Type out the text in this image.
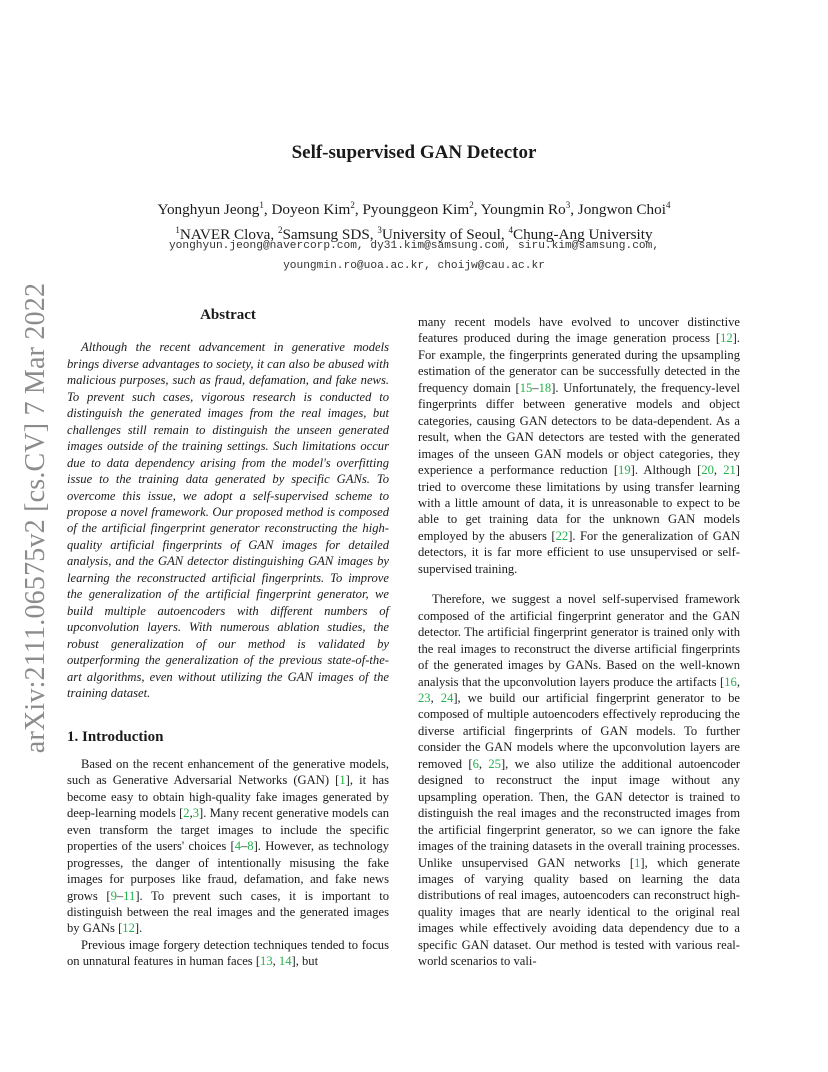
arXiv:2111.06575v2 [cs.CV] 7 Mar 2022
Self-supervised GAN Detector
Yonghyun Jeong$^1$, Doyeon Kim$^2$, Pyounggeon Kim$^2$, Youngmin Ro$^3$, Jongwon Choi$^4$
$^1$NAVER Clova, $^2$Samsung SDS, $^3$University of Seoul, $^4$Chung-Ang University
yonghyun.jeong@navercorp.com, dy31.kim@samsung.com, siru.kim@samsung.com,
youngmin.ro@uoa.ac.kr, choijw@cau.ac.kr
Abstract

Although the recent advancement in generative models brings diverse advantages to society, it can also be abused with malicious purposes, such as fraud, defamation, and fake news. To prevent such cases, vigorous research is conducted to distinguish the generated images from the real images, but challenges still remain to distinguish the unseen generated images outside of the training settings. Such limitations occur due to data dependency arising from the model's overfitting issue to the training data generated by specific GANs. To overcome this issue, we adopt a self-supervised scheme to propose a novel framework. Our proposed method is composed of the artificial fingerprint generator reconstructing the high-quality artificial fingerprints of GAN images for detailed analysis, and the GAN detector distinguishing GAN images by learning the reconstructed artificial fingerprints. To improve the generalization of the artificial fingerprint generator, we build multiple autoencoders with different numbers of upconvolution layers. With numerous ablation studies, the robust generalization of our method is validated by outperforming the generalization of the previous state-of-the-art algorithms, even without utilizing the GAN images of the training dataset.

1. Introduction

Based on the recent enhancement of the generative models, such as Generative Adversarial Networks (GAN) [1], it has become easy to obtain high-quality fake images generated by deep-learning models [2,3]. Many recent generative models can even transform the target images to include the specific properties of the users' choices [4–8]. However, as technology progresses, the danger of intentionally misusing the fake images for purposes like fraud, defamation, and fake news grows [9–11]. To prevent such cases, it is important to distinguish between the real images and the generated images by GANs [12].

Previous image forgery detection techniques tended to focus on unnatural features in human faces [13, 14], but

many recent models have evolved to uncover distinctive features produced during the image generation process [12]. For example, the fingerprints generated during the upsampling estimation of the generator can be successfully detected in the frequency domain [15–18]. Unfortunately, the frequency-level fingerprints differ between generative models and object categories, causing GAN detectors to be data-dependent. As a result, when the GAN detectors are tested with the generated images of the unseen GAN models or object categories, they experience a performance reduction [19]. Although [20, 21] tried to overcome these limitations by using transfer learning with a little amount of data, it is unreasonable to expect to be able to get training data for the unknown GAN models employed by the abusers [22]. For the generalization of GAN detectors, it is far more efficient to use unsupervised or self-supervised training.

Therefore, we suggest a novel self-supervised framework composed of the artificial fingerprint generator and the GAN detector. The artificial fingerprint generator is trained only with the real images to reconstruct the diverse artificial fingerprints of the generated images by GANs. Based on the well-known analysis that the upconvolution layers produce the artifacts [16, 23, 24], we build our artificial fingerprint generator to be composed of multiple autoencoders effectively reproducing the diverse artificial fingerprints of GAN models. To further consider the GAN models where the upconvolution layers are removed [6, 25], we also utilize the additional autoencoder designed to reconstruct the input image without any upsampling operation. Then, the GAN detector is trained to distinguish the real images and the reconstructed images from the artificial fingerprint generator, so we can ignore the fake images of the training datasets in the overall training processes. Unlike unsupervised GAN networks [1], which generate images of varying quality based on learning the data distributions of real images, autoencoders can reconstruct high-quality images that are nearly identical to the original real images while effectively avoiding data dependency due to a specific GAN dataset. Our method is tested with various real-world scenarios to vali-
